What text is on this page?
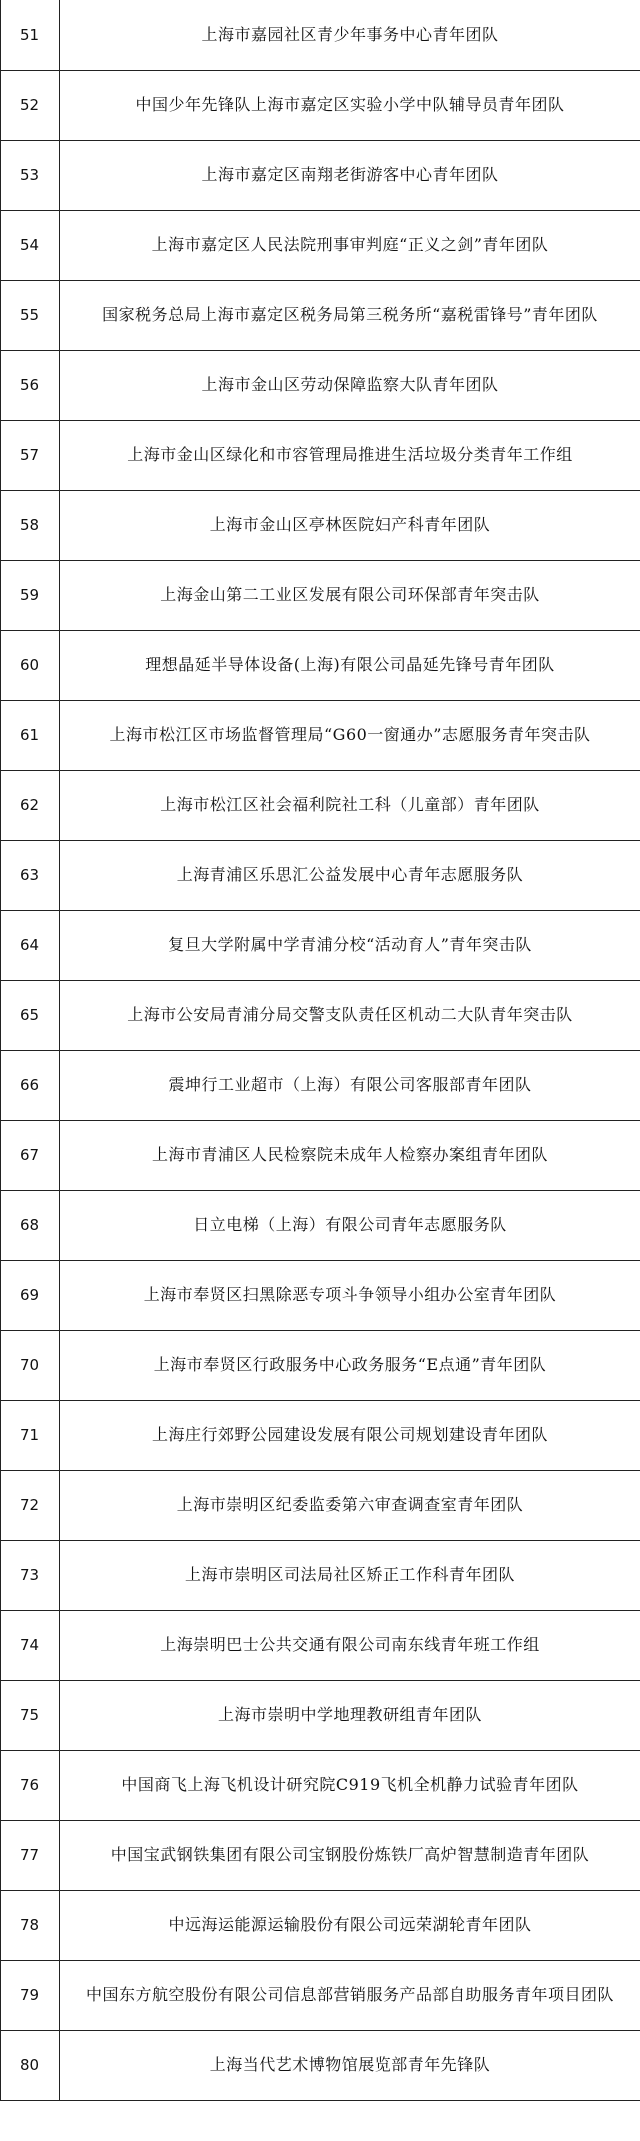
51	上海市嘉园社区青少年事务中心青年团队
52	中国少年先锋队上海市嘉定区实验小学中队辅导员青年团队
53	上海市嘉定区南翔老街游客中心青年团队
54	上海市嘉定区人民法院刑事审判庭“正义之剑”青年团队
55	国家税务总局上海市嘉定区税务局第三税务所“嘉税雷锋号”青年团队
56	上海市金山区劳动保障监察大队青年团队
57	上海市金山区绿化和市容管理局推进生活垃圾分类青年工作组
58	上海市金山区亭林医院妇产科青年团队
59	上海金山第二工业区发展有限公司环保部青年突击队
60	理想晶延半导体设备(上海)有限公司晶延先锋号青年团队
61	上海市松江区市场监督管理局“G60一窗通办”志愿服务青年突击队
62	上海市松江区社会福利院社工科（儿童部）青年团队
63	上海青浦区乐思汇公益发展中心青年志愿服务队
64	复旦大学附属中学青浦分校“活动育人”青年突击队
65	上海市公安局青浦分局交警支队责任区机动二大队青年突击队
66	震坤行工业超市（上海）有限公司客服部青年团队
67	上海市青浦区人民检察院未成年人检察办案组青年团队
68	日立电梯（上海）有限公司青年志愿服务队
69	上海市奉贤区扫黑除恶专项斗争领导小组办公室青年团队
70	上海市奉贤区行政服务中心政务服务“E点通”青年团队
71	上海庄行郊野公园建设发展有限公司规划建设青年团队
72	上海市崇明区纪委监委第六审查调查室青年团队
73	上海市崇明区司法局社区矫正工作科青年团队
74	上海崇明巴士公共交通有限公司南东线青年班工作组
75	上海市崇明中学地理教研组青年团队
76	中国商飞上海飞机设计研究院C919飞机全机静力试验青年团队
77	中国宝武钢铁集团有限公司宝钢股份炼铁厂高炉智慧制造青年团队
78	中远海运能源运输股份有限公司远荣湖轮青年团队
79	中国东方航空股份有限公司信息部营销服务产品部自助服务青年项目团队
80	上海当代艺术博物馆展览部青年先锋队
